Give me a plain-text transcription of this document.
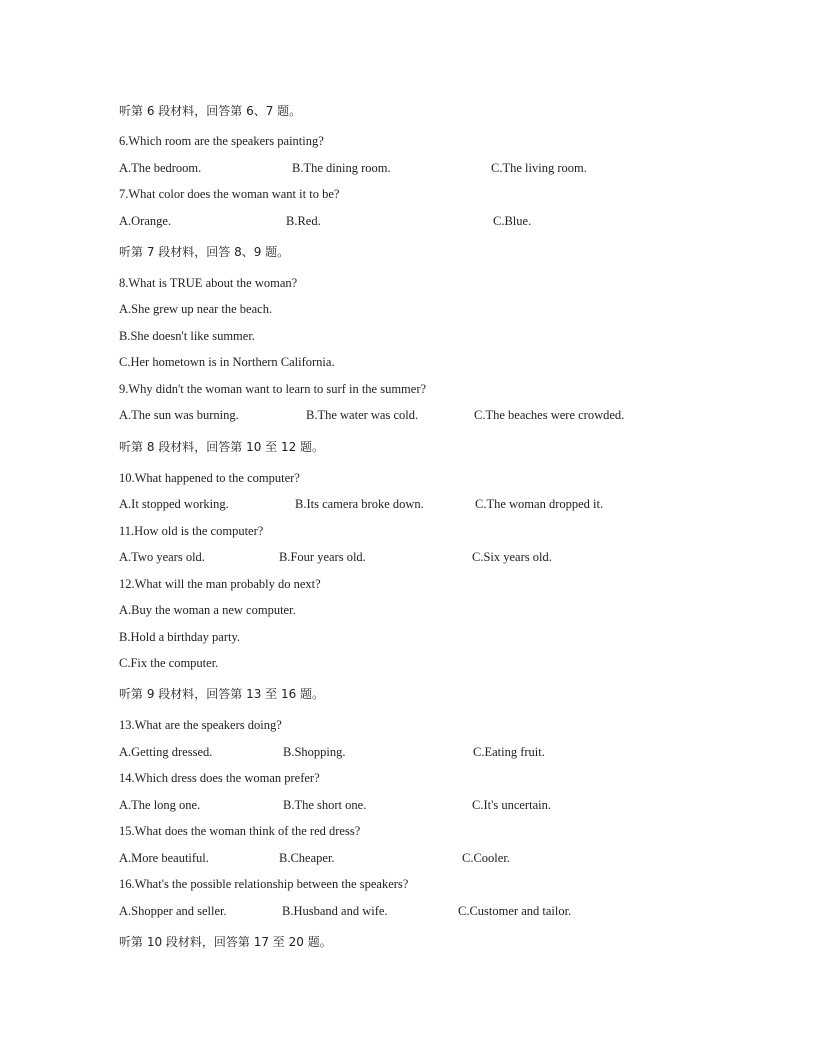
听第 6 段材料，回答第 6、7 题。
6.Which room are the speakers painting?
A.The bedroom.	B.The dining room.	C.The living room.
7.What color does the woman want it to be?
A.Orange.	B.Red.	C.Blue.
听第 7 段材料，回答 8、9 题。
8.What is TRUE about the woman?
A.She grew up near the beach.
B.She doesn't like summer.
C.Her hometown is in Northern California.
9.Why didn't the woman want to learn to surf in the summer?
A.The sun was burning.	B.The water was cold.	C.The beaches were crowded.
听第 8 段材料，回答第 10 至 12 题。
10.What happened to the computer?
A.It stopped working.	B.Its camera broke down.	C.The woman dropped it.
11.How old is the computer?
A.Two years old.	B.Four years old.	C.Six years old.
12.What will the man probably do next?
A.Buy the woman a new computer.
B.Hold a birthday party.
C.Fix the computer.
听第 9 段材料，回答第 13 至 16 题。
13.What are the speakers doing?
A.Getting dressed.	B.Shopping.	C.Eating fruit.
14.Which dress does the woman prefer?
A.The long one.	B.The short one.	C.It's uncertain.
15.What does the woman think of the red dress?
A.More beautiful.	B.Cheaper.	C.Cooler.
16.What's the possible relationship between the speakers?
A.Shopper and seller.	B.Husband and wife.	C.Customer and tailor.
听第 10 段材料，回答第 17 至 20 题。
